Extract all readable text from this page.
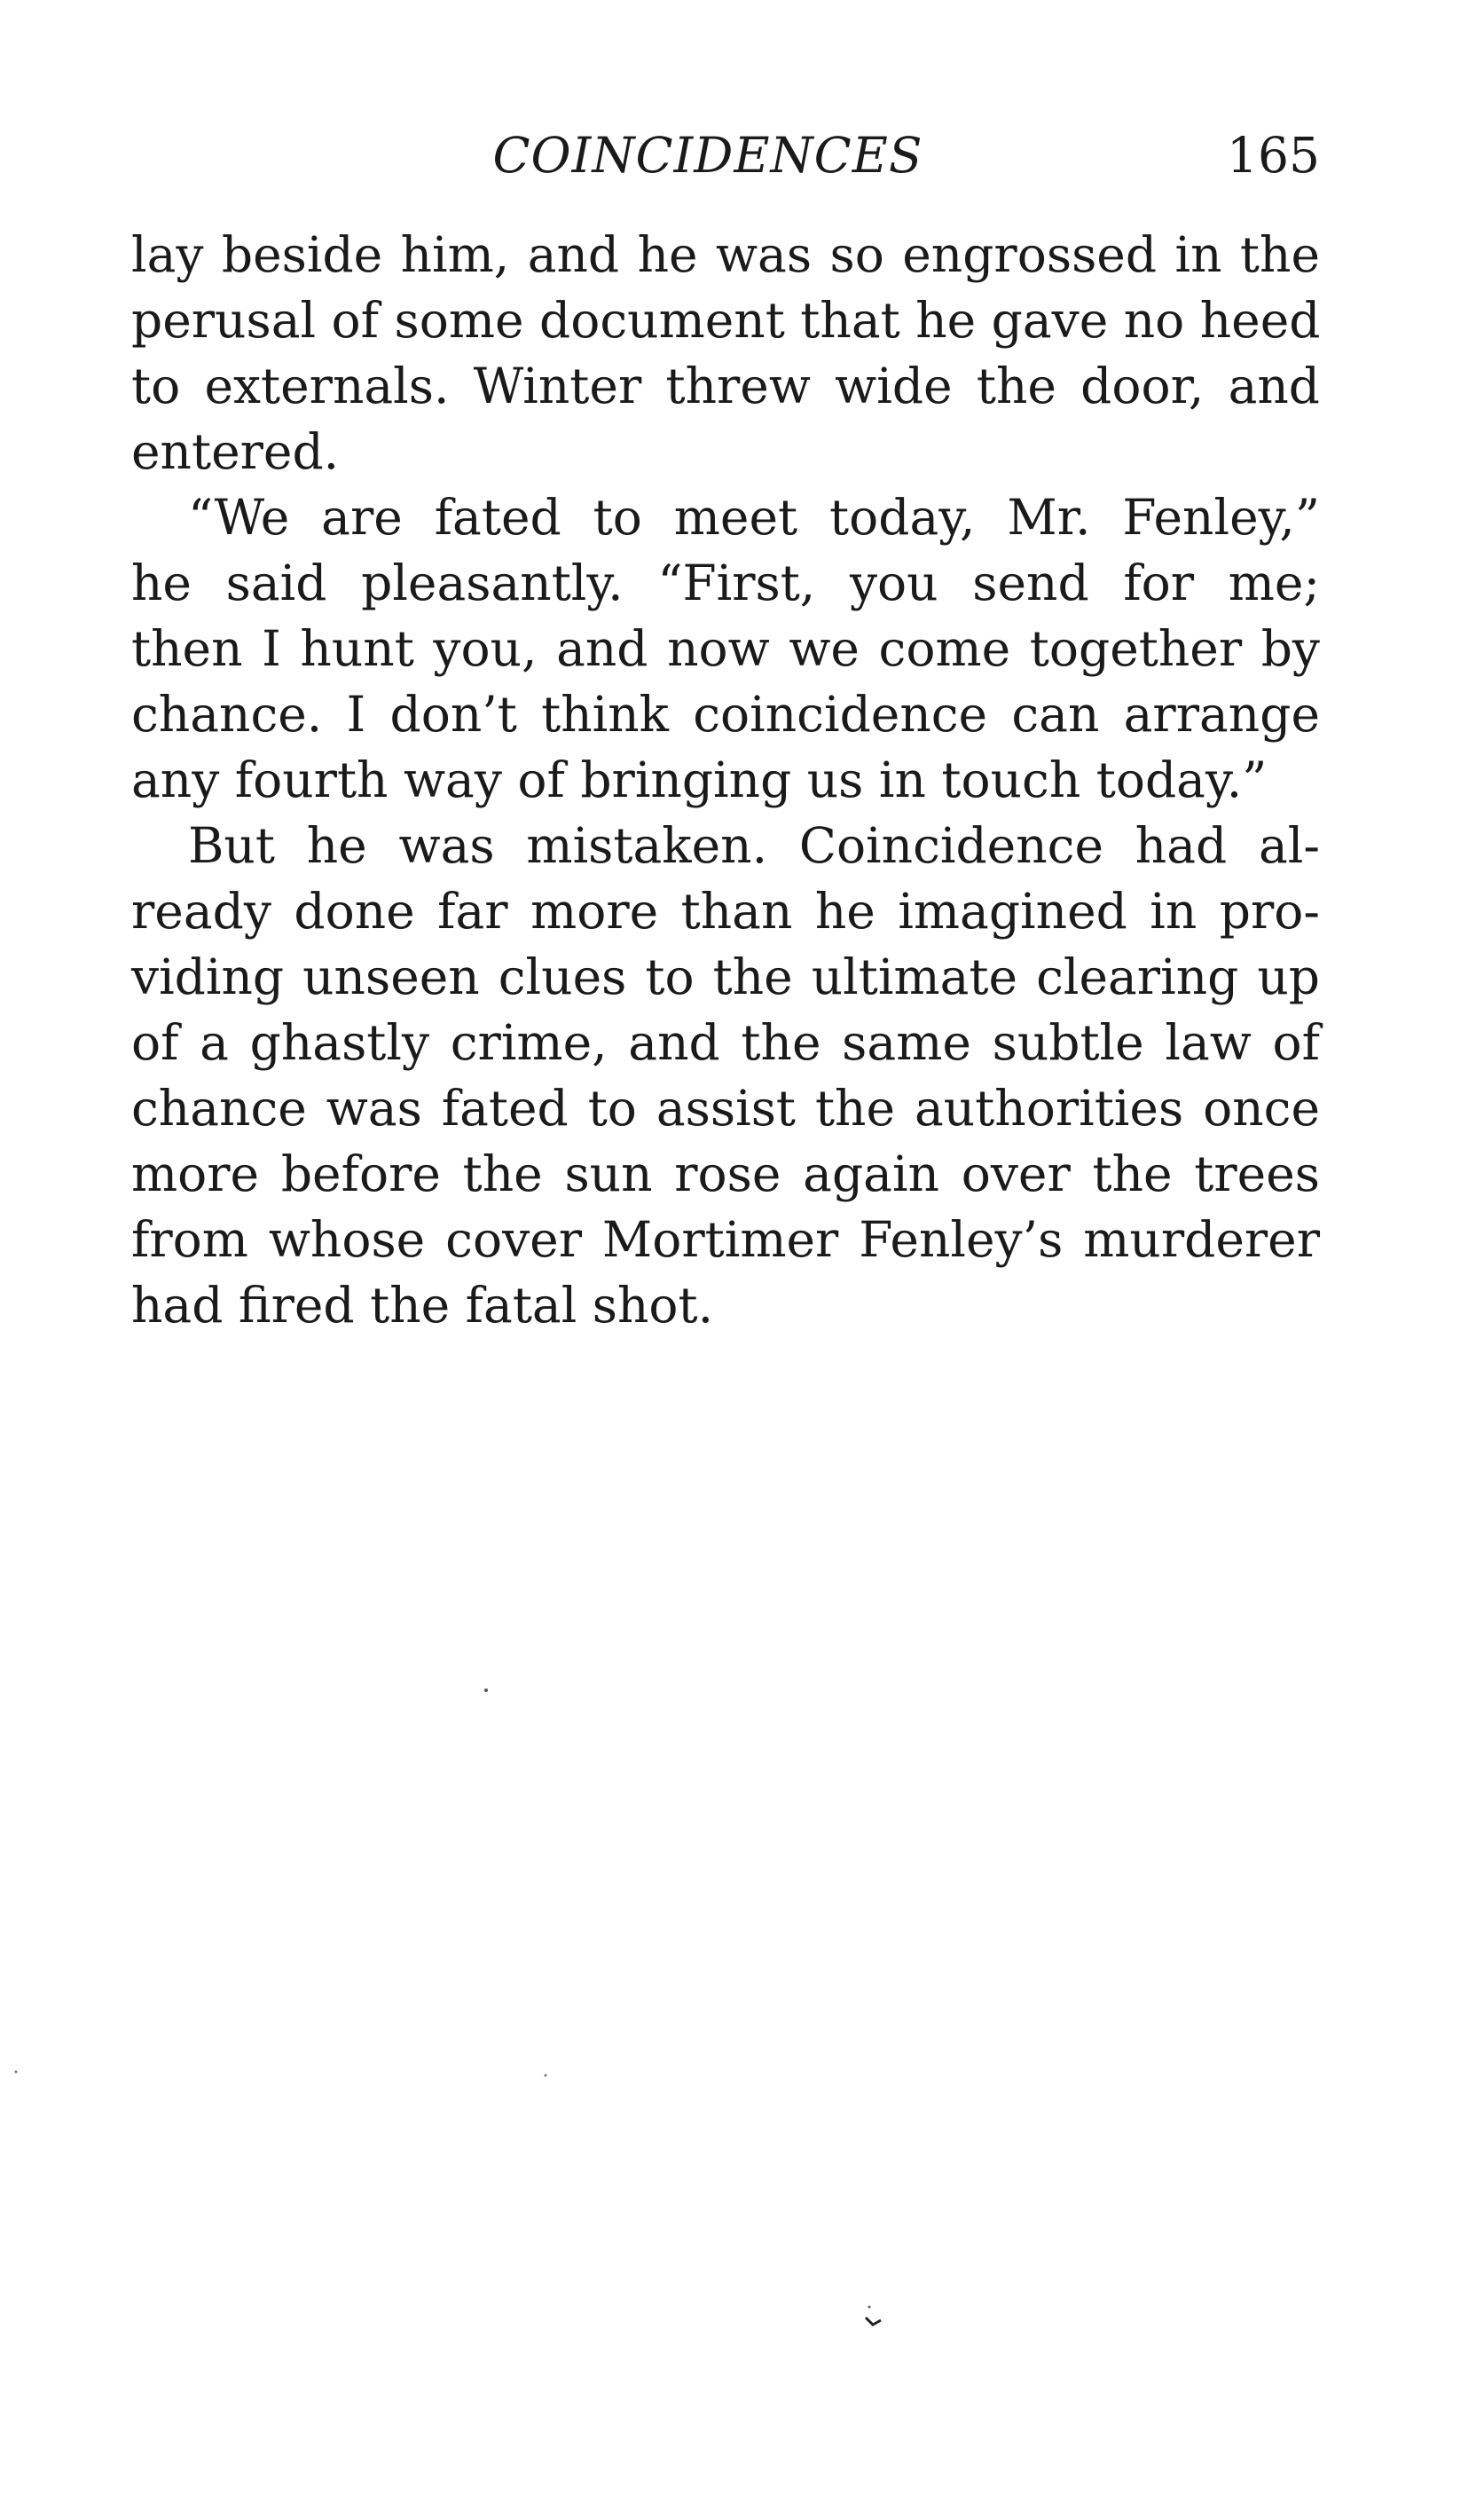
COINCIDENCES	165
lay beside him, and he was so engrossed in the
perusal of some document that he gave no heed
to externals. Winter threw wide the door, and
entered.
“We are fated to meet today, Mr. Fenley,”
he said pleasantly. “First, you send for me;
then I hunt you, and now we come together by
chance. I don’t think coincidence can arrange
any fourth way of bringing us in touch today.”
But he was mistaken. Coincidence had al-
ready done far more than he imagined in pro-
viding unseen clues to the ultimate clearing up
of a ghastly crime, and the same subtle law of
chance was fated to assist the authorities once
more before the sun rose again over the trees
from whose cover Mortimer Fenley’s murderer
had fired the fatal shot.
